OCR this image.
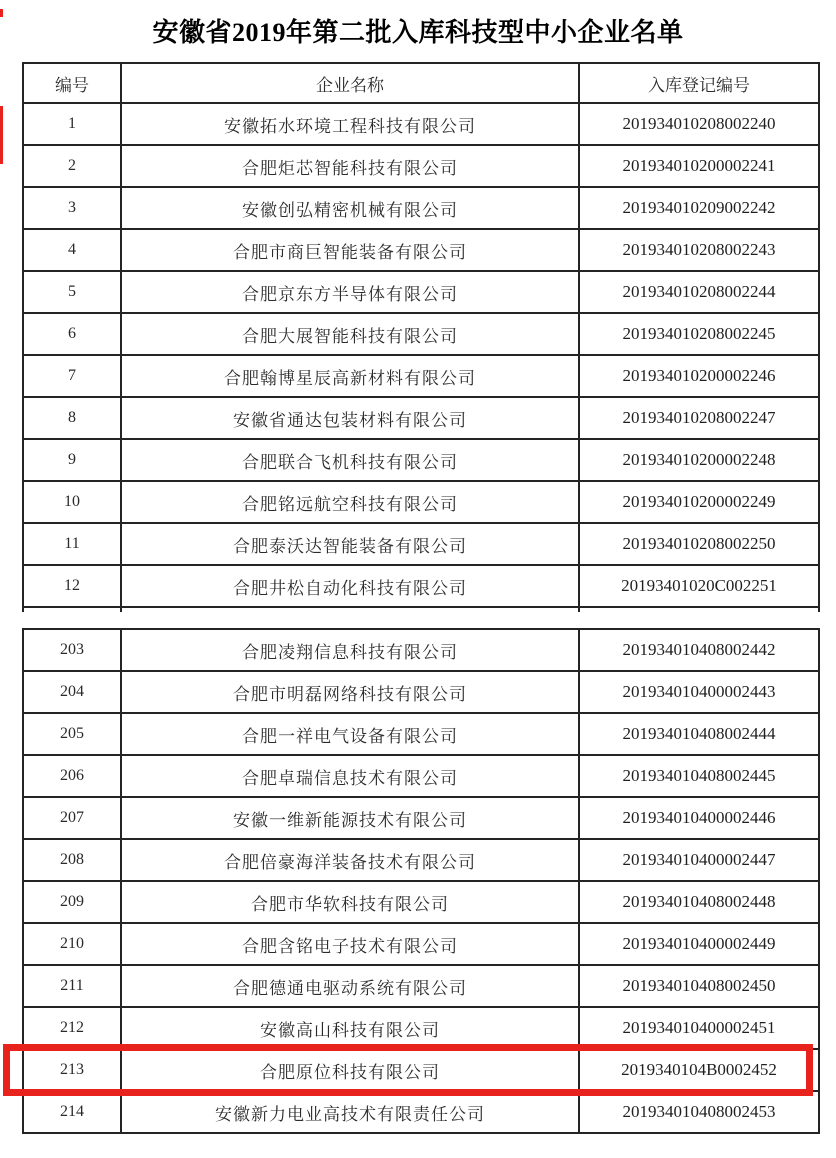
安徽省2019年第二批入库科技型中小企业名单
编号	企业名称	入库登记编号
1	安徽拓水环境工程科技有限公司	201934010208002240
2	合肥炬芯智能科技有限公司	201934010200002241
3	安徽创弘精密机械有限公司	201934010209002242
4	合肥市商巨智能装备有限公司	201934010208002243
5	合肥京东方半导体有限公司	201934010208002244
6	合肥大展智能科技有限公司	201934010208002245
7	合肥翰博星辰高新材料有限公司	201934010200002246
8	安徽省通达包装材料有限公司	201934010208002247
9	合肥联合飞机科技有限公司	201934010200002248
10	合肥铭远航空科技有限公司	201934010200002249
11	合肥泰沃达智能装备有限公司	201934010208002250
12	合肥井松自动化科技有限公司	20193401020C002251

203	合肥凌翔信息科技有限公司	201934010408002442
204	合肥市明磊网络科技有限公司	201934010400002443
205	合肥一祥电气设备有限公司	201934010408002444
206	合肥卓瑞信息技术有限公司	201934010408002445
207	安徽一维新能源技术有限公司	201934010400002446
208	合肥倍豪海洋装备技术有限公司	201934010400002447
209	合肥市华软科技有限公司	201934010408002448
210	合肥含铭电子技术有限公司	201934010400002449
211	合肥德通电驱动系统有限公司	201934010408002450
212	安徽高山科技有限公司	201934010400002451
213	合肥原位科技有限公司	2019340104B0002452
214	安徽新力电业高技术有限责任公司	201934010408002453
